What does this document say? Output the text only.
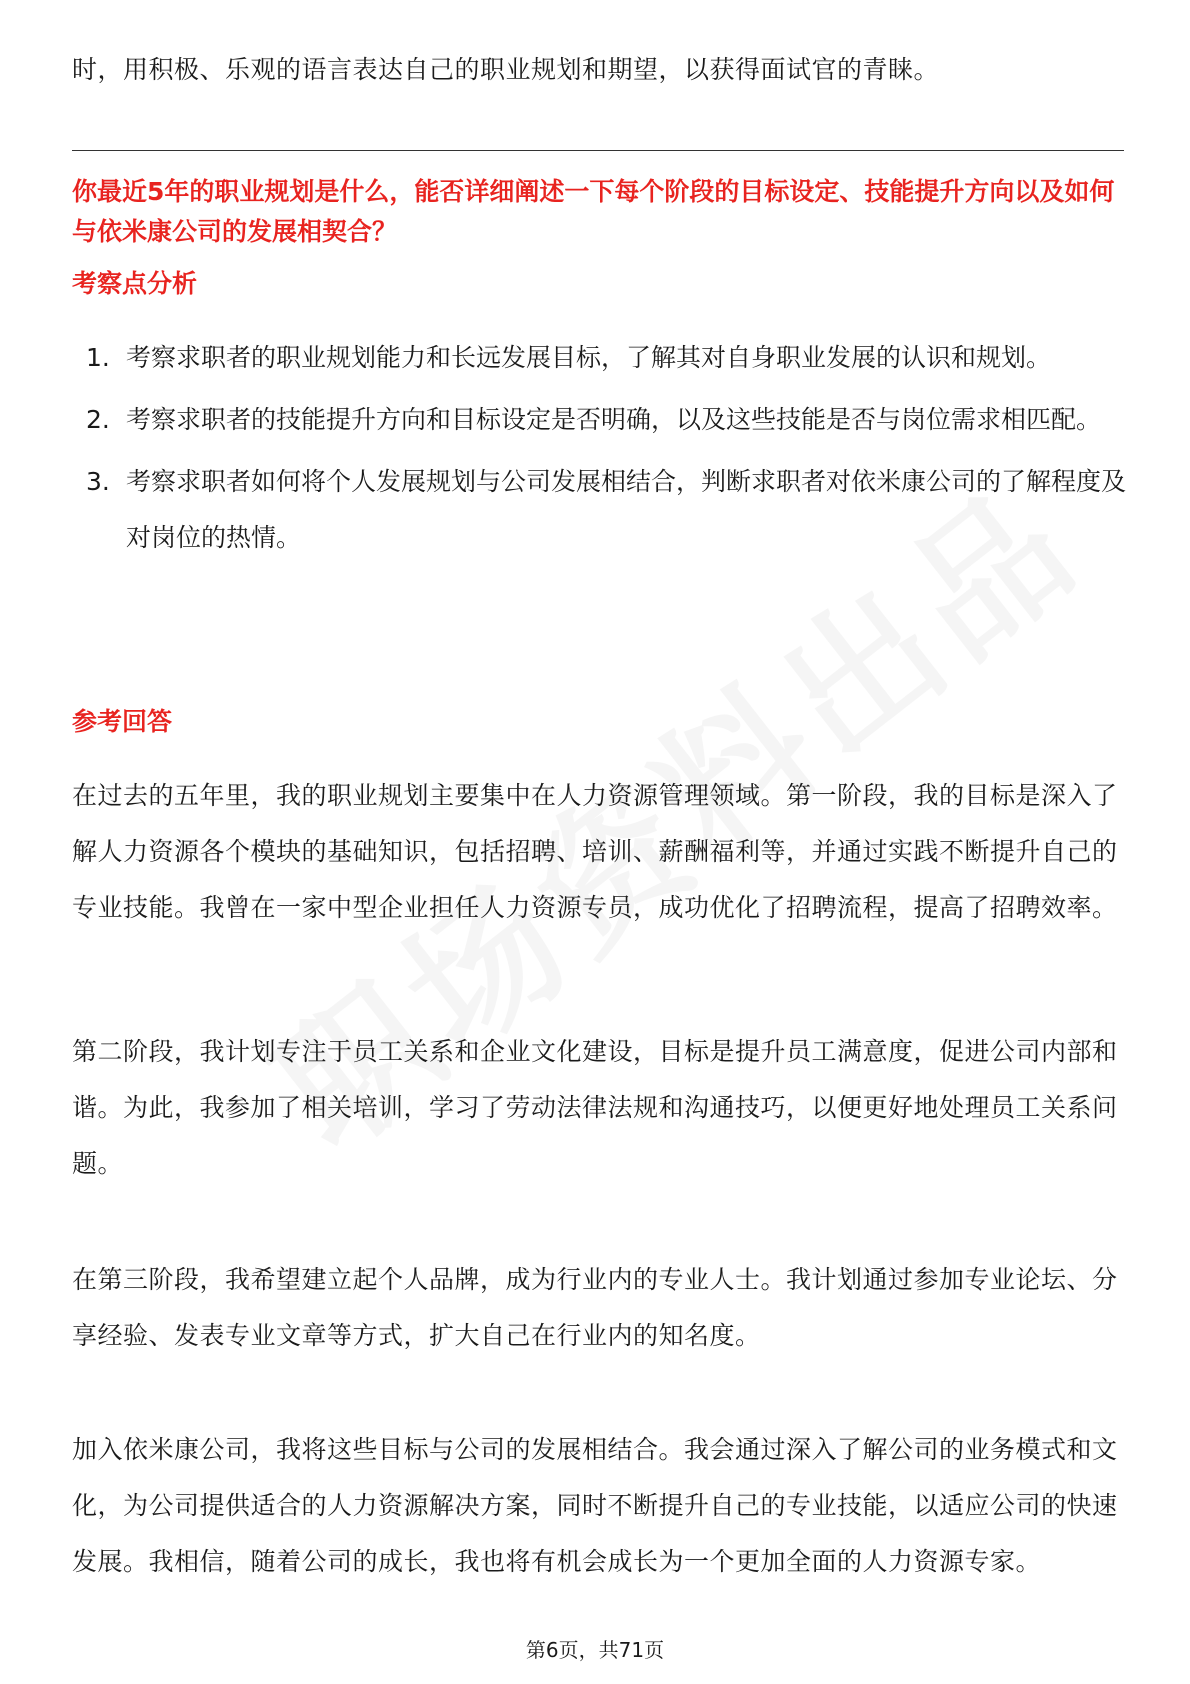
时，用积极、乐观的语言表达自己的职业规划和期望，以获得面试官的青睐。

你最近5年的职业规划是什么，能否详细阐述一下每个阶段的目标设定、技能提升方向以及如何与依米康公司的发展相契合？

考察点分析
1. 考察求职者的职业规划能力和长远发展目标，了解其对自身职业发展的认识和规划。
2. 考察求职者的技能提升方向和目标设定是否明确，以及这些技能是否与岗位需求相匹配。
3. 考察求职者如何将个人发展规划与公司发展相结合，判断求职者对依米康公司的了解程度及对岗位的热情。
参考回答

在过去的五年里，我的职业规划主要集中在人力资源管理领域。第一阶段，我的目标是深入了解人力资源各个模块的基础知识，包括招聘、培训、薪酬福利等，并通过实践不断提升自己的专业技能。我曾在一家中型企业担任人力资源专员，成功优化了招聘流程，提高了招聘效率。

第二阶段，我计划专注于员工关系和企业文化建设，目标是提升员工满意度，促进公司内部和谐。为此，我参加了相关培训，学习了劳动法律法规和沟通技巧，以便更好地处理员工关系问题。

在第三阶段，我希望建立起个人品牌，成为行业内的专业人士。我计划通过参加专业论坛、分享经验、发表专业文章等方式，扩大自己在行业内的知名度。

加入依米康公司，我将这些目标与公司的发展相结合。我会通过深入了解公司的业务模式和文化，为公司提供适合的人力资源解决方案，同时不断提升自己的专业技能，以适应公司的快速发展。我相信，随着公司的成长，我也将有机会成长为一个更加全面的人力资源专家。

第6页，共71页
